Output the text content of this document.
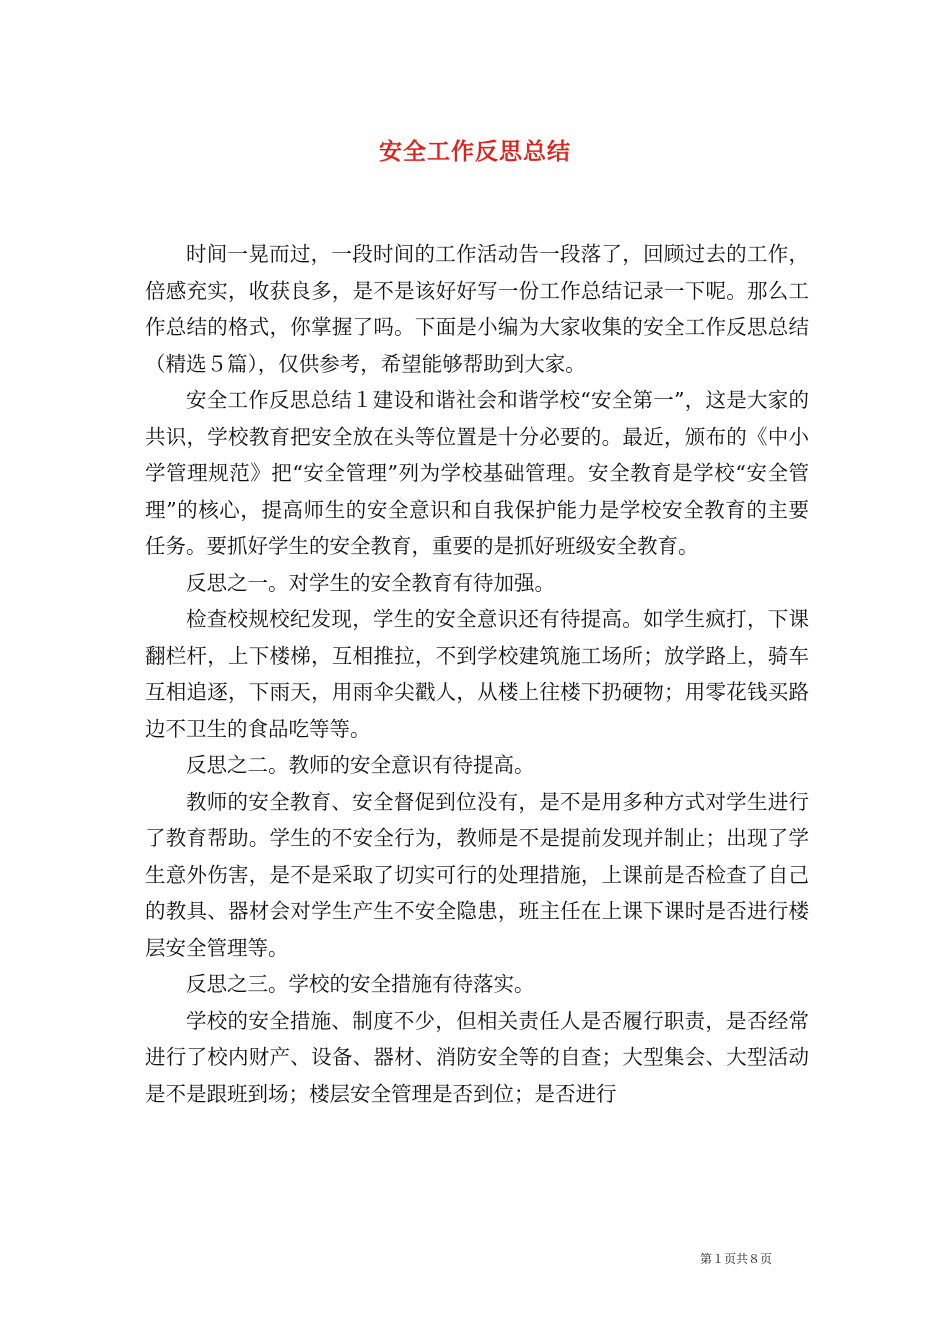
安全工作反思总结

时间一晃而过，一段时间的工作活动告一段落了，回顾过去的工作，倍感充实，收获良多，是不是该好好写一份工作总结记录一下呢。那么工作总结的格式，你掌握了吗。下面是小编为大家收集的安全工作反思总结（精选５篇），仅供参考，希望能够帮助到大家。

安全工作反思总结１建设和谐社会和谐学校“安全第一”，这是大家的共识，学校教育把安全放在头等位置是十分必要的。最近，颁布的《中小学管理规范》把“安全管理”列为学校基础管理。安全教育是学校“安全管理”的核心，提高师生的安全意识和自我保护能力是学校安全教育的主要任务。要抓好学生的安全教育，重要的是抓好班级安全教育。

反思之一。对学生的安全教育有待加强。

检查校规校纪发现，学生的安全意识还有待提高。如学生疯打，下课翻栏杆，上下楼梯，互相推拉，不到学校建筑施工场所；放学路上，骑车互相追逐，下雨天，用雨伞尖戳人，从楼上往楼下扔硬物；用零花钱买路边不卫生的食品吃等等。

反思之二。教师的安全意识有待提高。

教师的安全教育、安全督促到位没有，是不是用多种方式对学生进行了教育帮助。学生的不安全行为，教师是不是提前发现并制止；出现了学生意外伤害，是不是采取了切实可行的处理措施，上课前是否检查了自己的教具、器材会对学生产生不安全隐患，班主任在上课下课时是否进行楼层安全管理等。

反思之三。学校的安全措施有待落实。

学校的安全措施、制度不少，但相关责任人是否履行职责，是否经常进行了校内财产、设备、器材、消防安全等的自查；大型集会、大型活动是不是跟班到场；楼层安全管理是否到位；是否进行

第１页共８页
